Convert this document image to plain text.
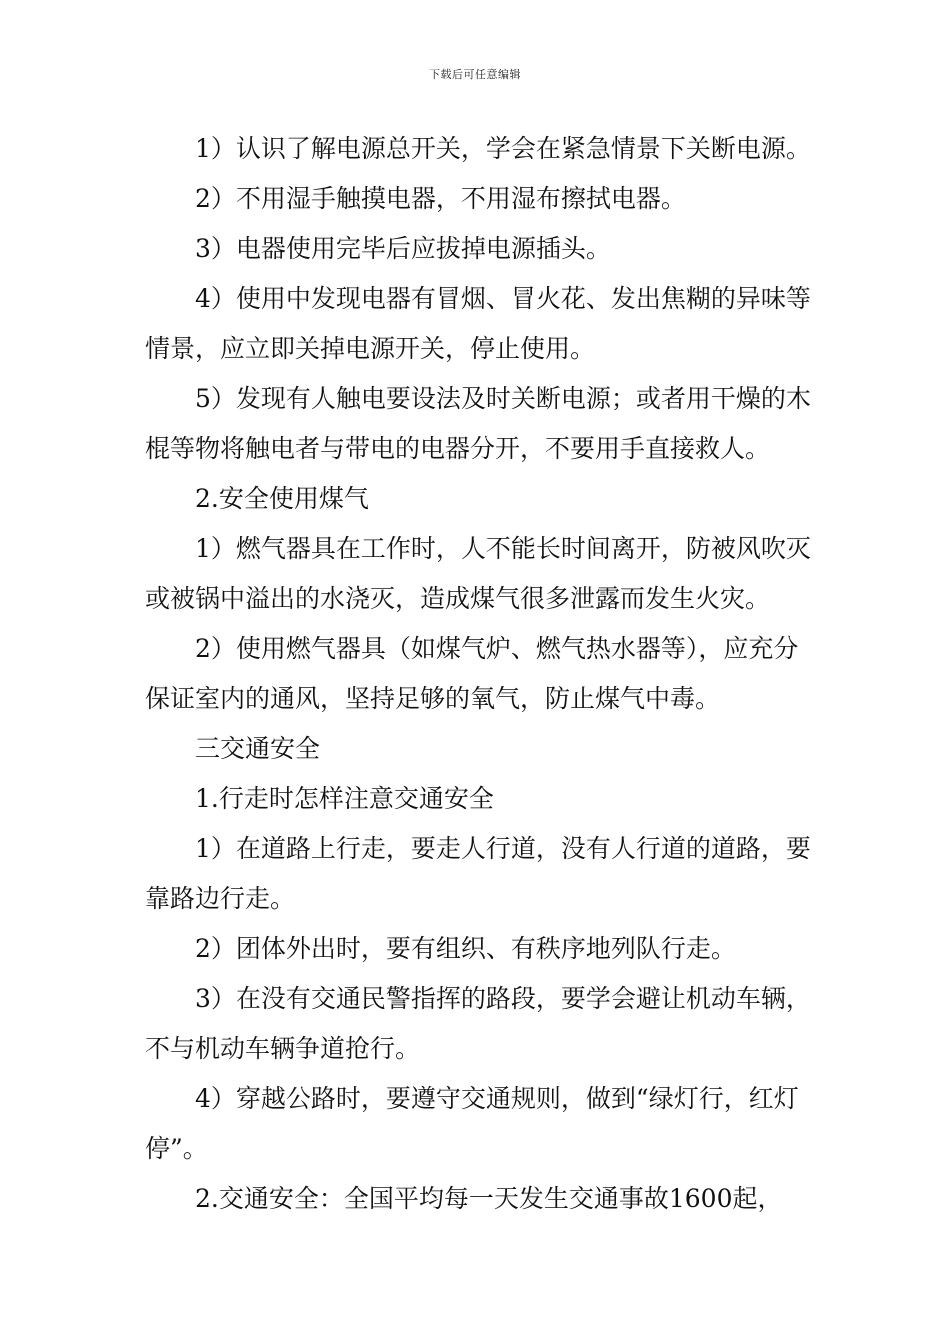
下载后可任意编辑

1）认识了解电源总开关，学会在紧急情景下关断电源。

2）不用湿手触摸电器，不用湿布擦拭电器。

3）电器使用完毕后应拔掉电源插头。

4）使用中发现电器有冒烟、冒火花、发出焦糊的异味等情景，应立即关掉电源开关，停止使用。

5）发现有人触电要设法及时关断电源；或者用干燥的木棍等物将触电者与带电的电器分开，不要用手直接救人。

2.安全使用煤气

1）燃气器具在工作时，人不能长时间离开，防被风吹灭或被锅中溢出的水浇灭，造成煤气很多泄露而发生火灾。

2）使用燃气器具（如煤气炉、燃气热水器等），应充分保证室内的通风，坚持足够的氧气，防止煤气中毒。

三交通安全

1.行走时怎样注意交通安全

1）在道路上行走，要走人行道，没有人行道的道路，要靠路边行走。

2）团体外出时，要有组织、有秩序地列队行走。

3）在没有交通民警指挥的路段，要学会避让机动车辆，不与机动车辆争道抢行。

4）穿越公路时，要遵守交通规则，做到“绿灯行，红灯停”。

2.交通安全：全国平均每一天发生交通事故1600起，
